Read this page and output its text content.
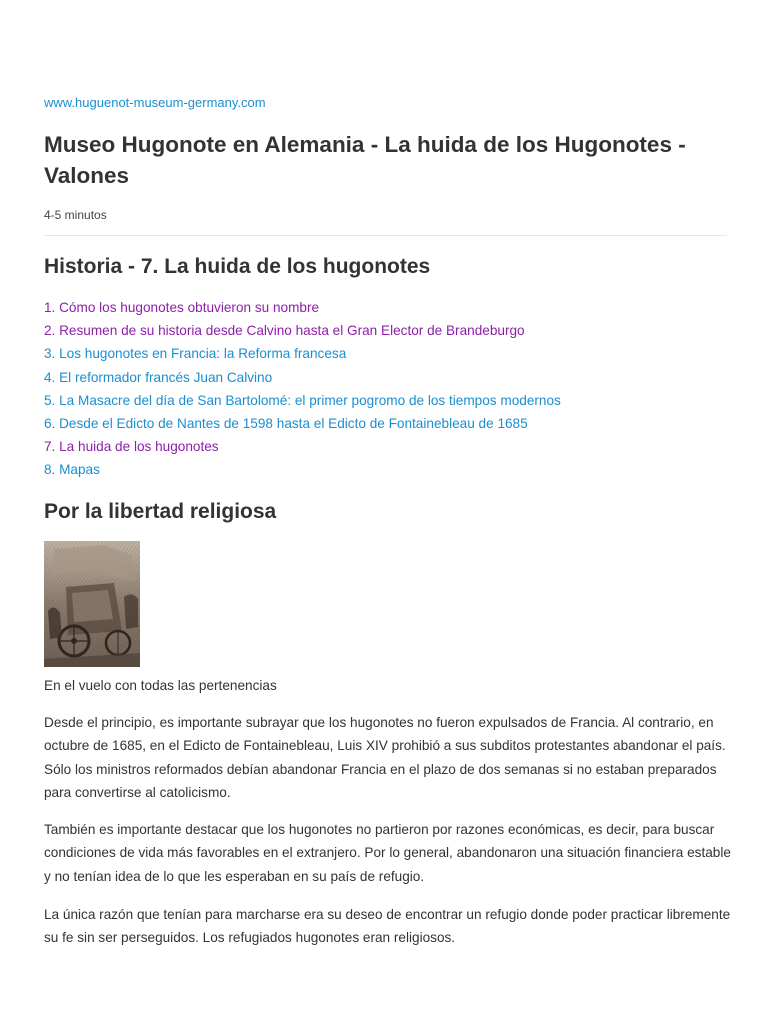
www.huguenot-museum-germany.com
Museo Hugonote en Alemania - La huida de los Hugonotes - Valones
4-5 minutos
Historia - 7. La huida de los hugonotes
1. Cómo los hugonotes obtuvieron su nombre
2. Resumen de su historia desde Calvino hasta el Gran Elector de Brandeburgo
3. Los hugonotes en Francia: la Reforma francesa
4. El reformador francés Juan Calvino
5. La Masacre del día de San Bartolomé: el primer pogromo de los tiempos modernos
6. Desde el Edicto de Nantes de 1598 hasta el Edicto de Fontainebleau de 1685
7. La huida de los hugonotes
8. Mapas
Por la libertad religiosa
En el vuelo con todas las pertenencias

Desde el principio, es importante subrayar que los hugonotes no fueron expulsados de Francia. Al contrario, en octubre de 1685, en el Edicto de Fontainebleau, Luis XIV prohibió a sus subditos protestantes abandonar el país. Sólo los ministros reformados debían abandonar Francia en el plazo de dos semanas si no estaban preparados para convertirse al catolicismo.

También es importante destacar que los hugonotes no partieron por razones económicas, es decir, para buscar condiciones de vida más favorables en el extranjero. Por lo general, abandonaron una situación financiera estable y no tenían idea de lo que les esperaban en su país de refugio.

La única razón que tenían para marcharse era su deseo de encontrar un refugio donde poder practicar libremente su fe sin ser perseguidos. Los refugiados hugonotes eran religiosos.
